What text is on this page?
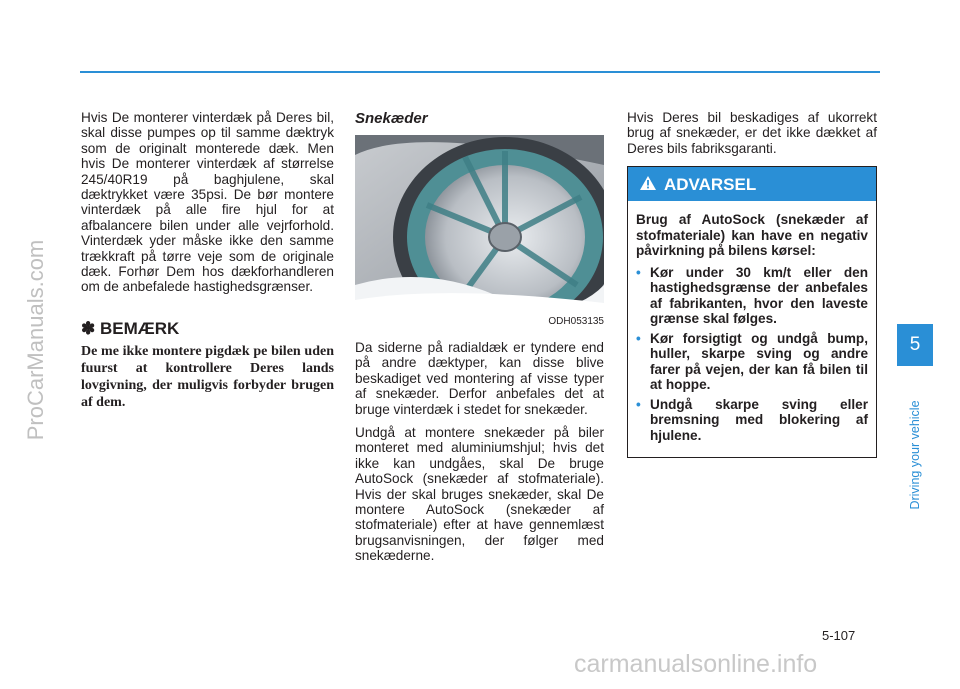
Hvis De monterer vinterdæk på Deres bil, skal disse pumpes op til samme dæktryk som de originalt monterede dæk. Men hvis De monterer vinterdæk af størrelse 245/40R19 på baghjulene, skal dæktrykket være 35psi. De bør montere vinterdæk på alle fire hjul for at afbalancere bilen under alle vejrforhold. Vinterdæk yder måske ikke den samme trækkraft på tørre veje som de originale dæk. Forhør Dem hos dækforhandleren om de anbefalede hastighedsgrænser.

✽ BEMÆRK
De me ikke montere pigdæk pe bilen uden fuurst at kontrollere Deres lands lovgivning, der muligvis forbyder brugen af dem.
Snekæder
ODH053135

Da siderne på radialdæk er tyndere end på andre dæktyper, kan disse blive beskadiget ved montering af visse typer af snekæder. Derfor anbefales det at bruge vinterdæk i stedet for snekæder.

Undgå at montere snekæder på biler monteret med aluminiumshjul; hvis det ikke kan undgåes, skal De bruge AutoSock (snekæder af stofmateriale). Hvis der skal bruges snekæder, skal De montere AutoSock (snekæder af stofmateriale) efter at have gennemlæst brugsanvisningen, der følger med snekæderne.

Hvis Deres bil beskadiges af ukorrekt brug af snekæder, er det ikke dækket af Deres bils fabriksgaranti.

ADVARSEL

Brug af AutoSock (snekæder af stofmateriale) kan have en negativ påvirkning på bilens kørsel:

• Kør under 30 km/t eller den hastighedsgrænse der anbefales af fabrikanten, hvor den laveste grænse skal følges.
• Kør forsigtigt og undgå bump, huller, skarpe sving og andre farer på vejen, der kan få bilen til at hoppe.
• Undgå skarpe sving eller bremsning med blokering af hjulene.
5
Driving your vehicle
5-107
ProCarManuals.com
carmanualsonline.info
